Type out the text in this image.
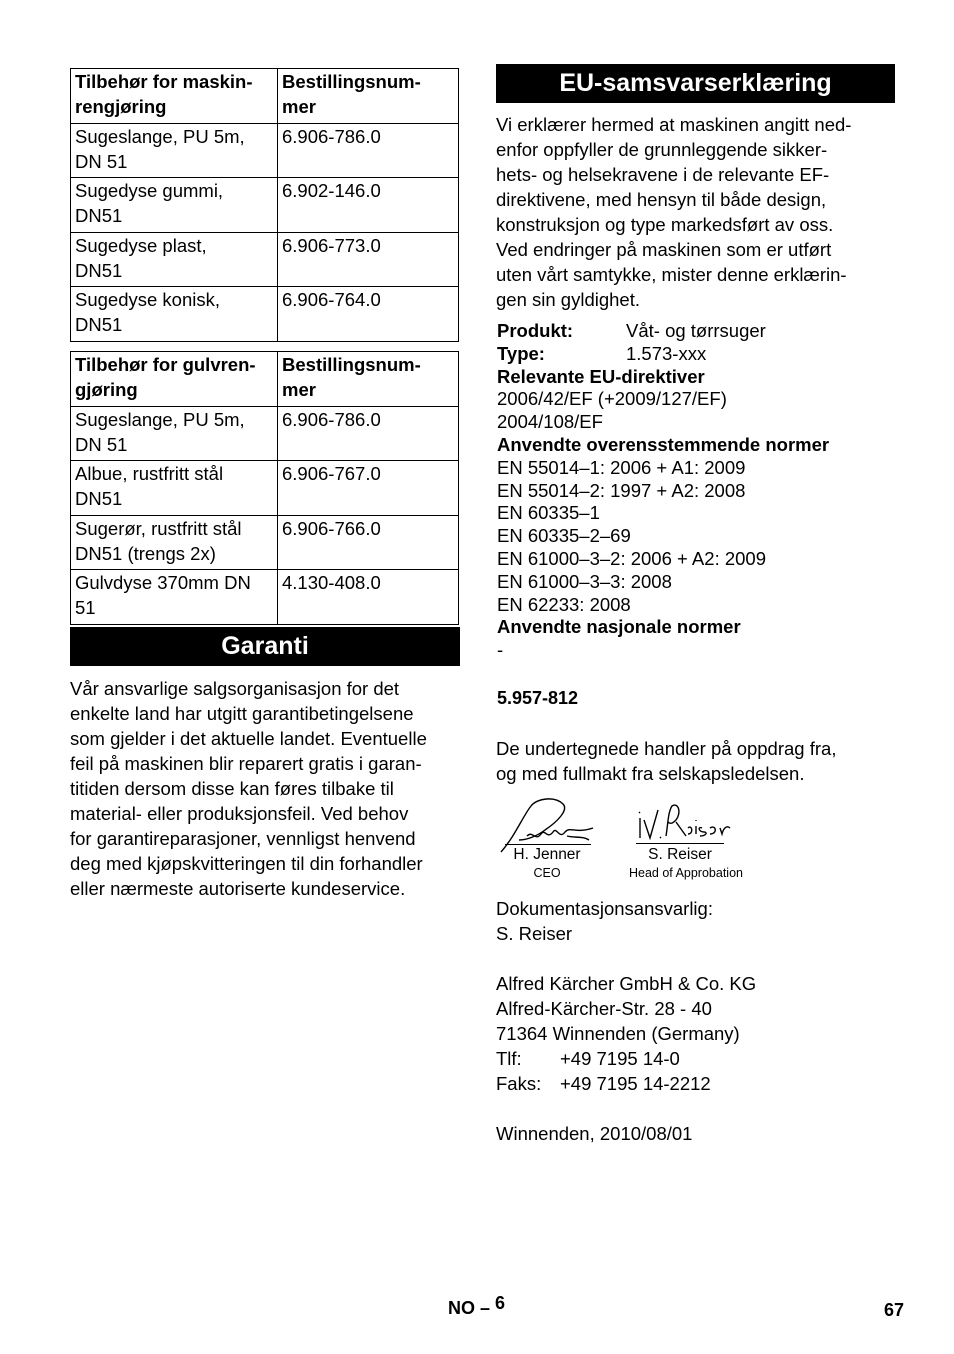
Tilbehør for maskin-
rengjøring	Bestillingsnum-
mer
Sugeslange, PU 5m,
DN 51	6.906-786.0
Sugedyse gummi,
DN51	6.902-146.0
Sugedyse plast,
DN51	6.906-773.0
Sugedyse konisk,
DN51	6.906-764.0
Tilbehør for gulvren-
gjøring	Bestillingsnum-
mer
Sugeslange, PU 5m,
DN 51	6.906-786.0
Albue, rustfritt stål
DN51	6.906-767.0
Sugerør, rustfritt stål
DN51 (trengs 2x)	6.906-766.0
Gulvdyse 370mm DN
51	4.130-408.0
Garanti
Vår ansvarlige salgsorganisasjon for det
enkelte land har utgitt garantibetingelsene
som gjelder i det aktuelle landet. Eventuelle
feil på maskinen blir reparert gratis i garan-
titiden dersom disse kan føres tilbake til
material- eller produksjonsfeil. Ved behov
for garantireparasjoner, vennligst henvend
deg med kjøpskvitteringen til din forhandler
eller nærmeste autoriserte kundeservice.
EU-samsvarserklæring
Vi erklærer hermed at maskinen angitt ned-
enfor oppfyller de grunnleggende sikker-
hets- og helsekravene i de relevante EF-
direktivene, med hensyn til både design,
konstruksjon og type markedsført av oss.
Ved endringer på maskinen som er utført
uten vårt samtykke, mister denne erklærin-
gen sin gyldighet.
Produkt:	Våt- og tørrsuger
Type:	1.573-xxx
Relevante EU-direktiver
2006/42/EF (+2009/127/EF)
2004/108/EF
Anvendte overensstemmende normer
EN 55014–1: 2006 + A1: 2009
EN 55014–2: 1997 + A2: 2008
EN 60335–1
EN 60335–2–69
EN 61000–3–2: 2006 + A2: 2009
EN 61000–3–3: 2008
EN 62233: 2008
Anvendte nasjonale normer
-
5.957-812
De undertegnede handler på oppdrag fra,
og med fullmakt fra selskapsledelsen.
H. Jenner
CEO
S. Reiser
Head of Approbation
Dokumentasjonsansvarlig:
S. Reiser
Alfred Kärcher GmbH & Co. KG
Alfred-Kärcher-Str. 28 - 40
71364 Winnenden (Germany)
Tlf: +49 7195 14-0
Faks: +49 7195 14-2212
Winnenden, 2010/08/01
NO – 6	67
